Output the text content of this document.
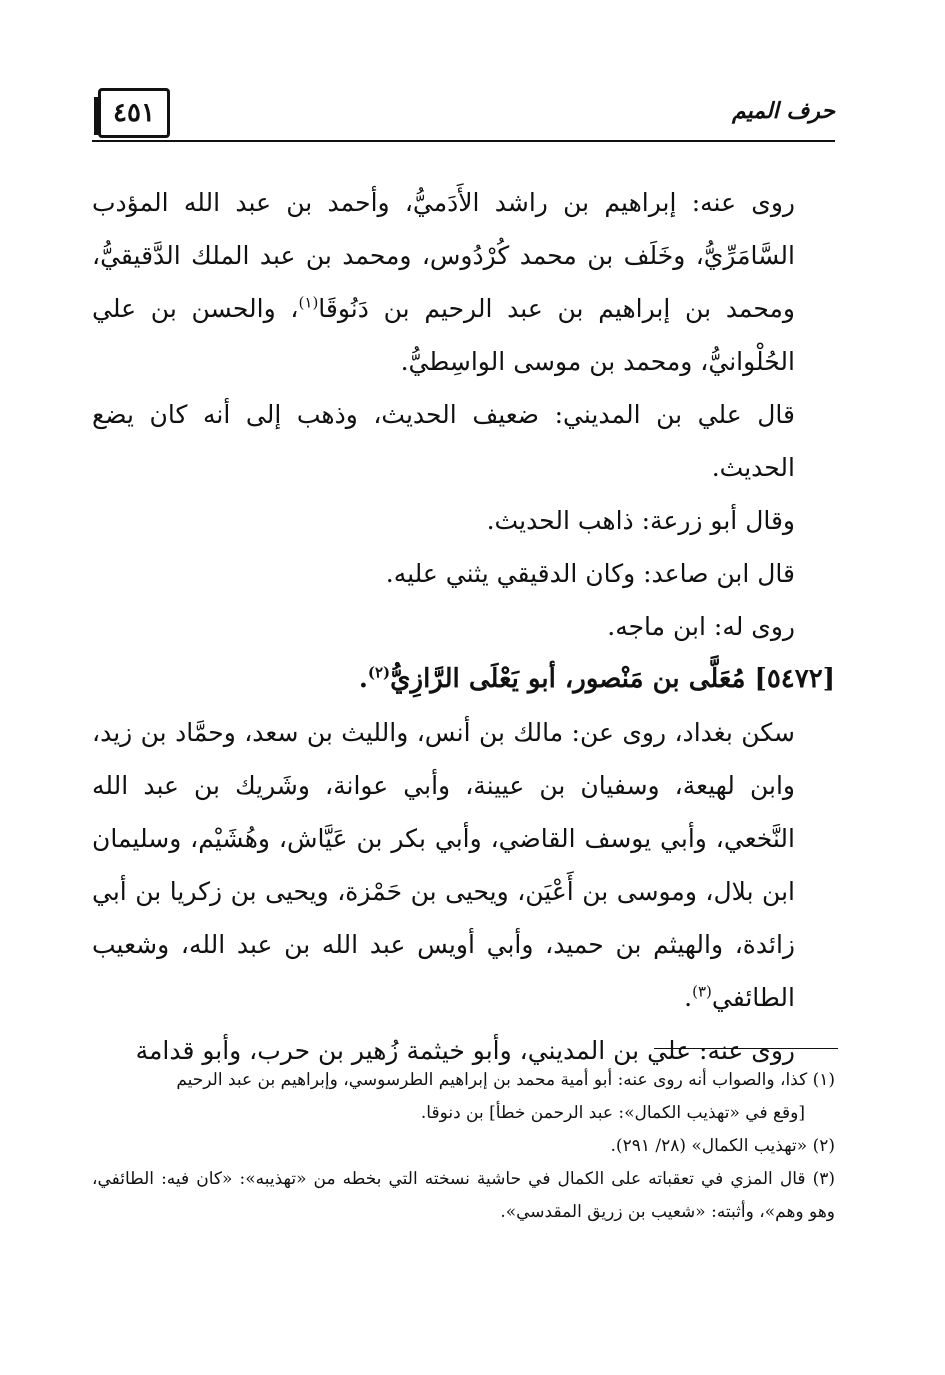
٤٥١	حرف الميم

روى عنه: إبراهيم بن راشد الأَدَميُّ، وأحمد بن عبد الله المؤدب السَّامَرِّيُّ، وخَلَف بن محمد كُرْدُوس، ومحمد بن عبد الملك الدَّقيقيُّ، ومحمد بن إبراهيم بن عبد الرحيم بن دَنُوقَا$^{(١)}$، والحسن بن علي الحُلْوانيُّ، ومحمد بن موسى الواسِطيُّ.

قال علي بن المديني: ضعيف الحديث، وذهب إلى أنه كان يضع الحديث.

وقال أبو زرعة: ذاهب الحديث.

قال ابن صاعد: وكان الدقيقي يثني عليه.

روى له: ابن ماجه.

[٥٤٧٢] مُعَلَّى بن مَنْصور، أبو يَعْلَى الرَّازِيُّ$^{(٢)}$.

سكن بغداد، روى عن: مالك بن أنس، والليث بن سعد، وحمَّاد بن زيد، وابن لهيعة، وسفيان بن عيينة، وأبي عوانة، وشَريك بن عبد الله النَّخعي، وأبي يوسف القاضي، وأبي بكر بن عَيَّاش، وهُشَيْم، وسليمان ابن بلال، وموسى بن أَعْيَن، ويحيى بن حَمْزة، ويحيى بن زكريا بن أبي زائدة، والهيثم بن حميد، وأبي أويس عبد الله بن عبد الله، وشعيب الطائفي$^{(٣)}$.

روى عنه: علي بن المديني، وأبو خيثمة زُهير بن حرب، وأبو قدامة

(١) كذا، والصواب أنه روى عنه: أبو أمية محمد بن إبراهيم الطرسوسي، وإبراهيم بن عبد الرحيم

[وقع في «تهذيب الكمال»: عبد الرحمن خطأ] بن دنوقا.

(٢) «تهذيب الكمال» (٢٨/ ٢٩١).

(٣) قال المزي في تعقباته على الكمال في حاشية نسخته التي بخطه من «تهذيبه»: «كان فيه: الطائفي، وهو وهم»، وأثبته: «شعيب بن زريق المقدسي».
